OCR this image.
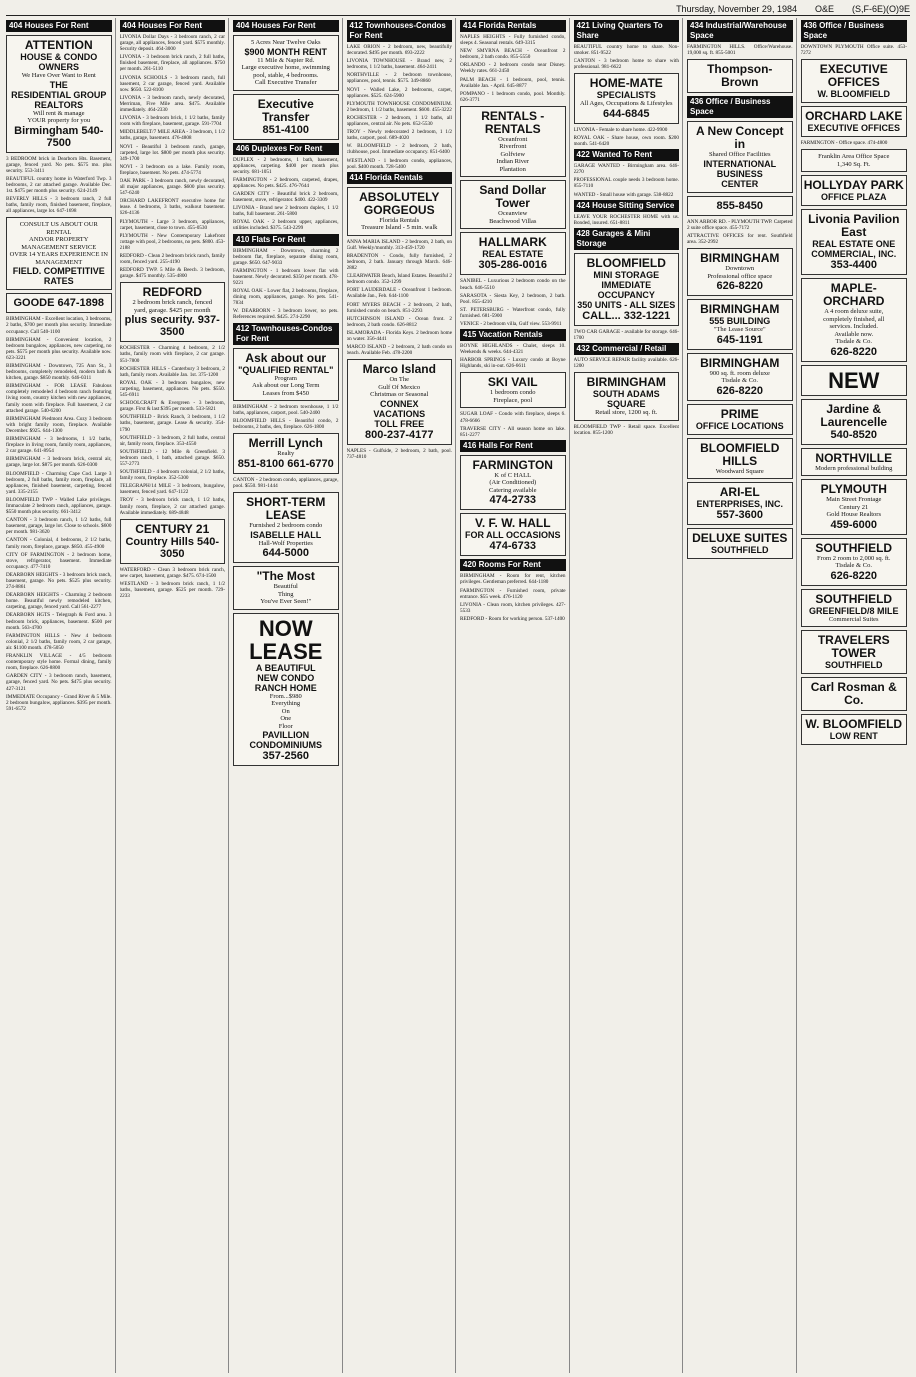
Thursday, November 29, 1984 O&E (S,F-6E)(O)9E
404 Houses For Rent
ATTENTION
HOUSE & CONDO OWNERS
We Have Over Want to Rent
THE
RESIDENTIAL GROUP
REALTORS
Will rent & manage
YOUR property for you
Birmingham 540-7500
3 BEDROOM brick in Dearborn Hts. Basement, garage, fenced yard. No pets. $575 mo. plus security. 553-3411
BEAUTIFUL country home in Waterford Twp. 3 bedrooms, 2 car attached garage. Available Dec. 1st. $475 per month plus security. 624-2149
BEVERLY HILLS - 3 bedroom ranch, 2 full baths, family room, finished basement, fireplace, all appliances, large lot. 647-1698
CONSULT US ABOUT OUR RENTAL
AND/OR PROPERTY MANAGEMENT SERVICE
OVER 14 YEARS EXPERIENCE IN MANAGEMENT
FIELD. COMPETITIVE RATES
GOODE 647-1898
BIRMINGHAM - Excellent location, 3 bedrooms, 2 baths, $700 per month plus security. Immediate occupancy. Call 540-1100
BIRMINGHAM - Convenient location, 2 bedroom bungalow, appliances, new carpeting, no pets. $575 per month plus security. Available now. 623-3221
BIRMINGHAM - Downtown, 725 Ann St., 3 bedrooms, completely remodeled, modern bath & kitchen, garage. $850 monthly. 646-0311
BIRMINGHAM - FOR LEASE Fabulous completely remodeled 4 bedroom ranch featuring living room, country kitchen with new appliances, family room with fireplace. Full basement, 2 car attached garage. 540-6200
BIRMINGHAM Piedmont Area. Cozy 3 bedroom with bright family room, fireplace. Available December. $925. 644-1300
BIRMINGHAM - 3 bedrooms, 1 1/2 baths, fireplace in living room, family room, appliances, 2 car garage. 641-8954
BIRMINGHAM - 3 bedroom brick, central air, garage, large lot. $875 per month. 626-0300
BLOOMFIELD - Charming Cape Cod. Large 3 bedroom, 2 full baths, family room, fireplace, all appliances, finished basement, carpeting, fenced yard. 335-2155
BLOOMFIELD TWP - Walled Lake privileges. Immaculate 2 bedroom ranch, appliances, garage. $550 month plus security. 661-3412
CANTON - 3 bedroom ranch, 1 1/2 baths, full basement, garage, large lot. Close to schools. $600 per month. 981-3620
CANTON - Colonial, 4 bedrooms, 2 1/2 baths, family room, fireplace, garage. $850. 455-4900
CITY OF FARMINGTON - 2 bedroom home, stove, refrigerator, basement. Immediate occupancy. 477-7410
DEARBORN HEIGHTS - 3 bedroom brick ranch, basement, garage. No pets. $525 plus security. 274-8861
DEARBORN HEIGHTS - Charming 2 bedroom home. Beautiful newly remodeled kitchen, carpeting, garage, fenced yard. Call 561-2277
DEARBORN HGTS - Telegraph & Ford area. 3 bedroom brick, appliances, basement. $500 per month. 563-4700
FARMINGTON HILLS - New 4 bedroom colonial, 2 1/2 baths, family room, 2 car garage, air. $1100 month. 478-5050
FRANKLIN VILLAGE - 4/5 bedroom contemporary style home. Formal dining, family room, fireplace. 626-8800
GARDEN CITY - 3 bedroom ranch, basement, garage, fenced yard. No pets. $475 plus security. 427-3121
IMMEDIATE Occupancy - Grand River & 5 Mile. 2 bedroom bungalow, appliances. $395 per month. 591-6572
404 Houses For Rent
LIVONIA Dollar Days - 3 bedroom ranch, 2 car garage, all appliances, fenced yard. $575 monthly. Security deposit. 464-3000
LIVONIA - 3 bedroom brick ranch, 2 full baths, finished basement, fireplace, all appliances. $750 per month. 261-5110
LIVONIA SCHOOLS - 3 bedroom ranch, full basement, 2 car garage, fenced yard. Available now. $650. 522-8100
LIVONIA - 3 bedroom ranch, newly decorated, Merriman, Five Mile area. $475. Available immediately. 464-2330
LIVONIA - 3 bedroom brick, 1 1/2 baths, family room with fireplace, basement, garage. 591-7704
MIDDLEBELT/7 MILE AREA - 3 bedroom, 1 1/2 baths, garage, basement. 476-4808
NOVI - Beautiful 3 bedroom ranch, garage, carpeted, large lot. $800 per month plus security. 349-1700
NOVI - 3 bedroom on a lake. Family room, fireplace, basement. No pets. 474-5774
OAK PARK - 3 bedroom ranch, newly decorated, all major appliances, garage. $600 plus security. 547-6240
ORCHARD LAKEFRONT executive home for lease. 4 bedrooms, 3 baths, walkout basement. 626-4136
PLYMOUTH - Large 3 bedroom, appliances, carpet, basement, close to town. 455-0530
PLYMOUTH - New Contemporary Lakefront cottage with pool, 2 bedrooms, no pets. $800. 453-2188
REDFORD - Clean 2 bedroom brick ranch, family room, fenced yard. 255-4190
REDFORD TWP. 5 Mile & Beech. 3 bedroom, garage. $475 monthly. 535-4800
REDFORD
2 bedroom brick ranch, fenced
yard, garage. $425 per month
plus security. 937-3500
ROCHESTER - Charming 4 bedroom, 2 1/2 baths, family room with fireplace, 2 car garage. 651-7800
ROCHESTER HILLS - Canterbury 3 bedroom, 2 bath, family room. Available Jan. 1st. 375-1200
ROYAL OAK - 3 bedroom bungalow, new carpeting, basement, appliances. No pets. $550. 545-6911
SCHOOLCRAFT & Evergreen - 3 bedroom, garage. First & last $395 per month. 533-5821
SOUTHFIELD - Brick Ranch, 3 bedroom, 1 1/2 baths, basement, garage. Lease & security. 354-1790
SOUTHFIELD - 3 bedroom, 2 full baths, central air, family room, fireplace. 353-4550
SOUTHFIELD - 12 Mile & Greenfield. 3 bedroom ranch, 1 bath, attached garage. $650. 557-2773
SOUTHFIELD - 4 bedroom colonial, 2 1/2 baths, family room, fireplace. 352-5300
TELEGRAPH/14 MILE - 3 bedroom, bungalow, basement, fenced yard. 647-1122
TROY - 3 bedroom brick ranch, 1 1/2 baths, family room, fireplace, 2 car attached garage. Available immediately. 689-4848
CENTURY 21
Country Hills 540-3050
WATERFORD - Clean 3 bedroom brick ranch, new carpet, basement, garage. $475. 674-1500
WESTLAND - 3 bedroom brick ranch, 1 1/2 baths, basement, garage. $525 per month. 729-2233
404 Houses For Rent
5 Acres Near Twelve Oaks
$900 MONTH RENT
11 Mile & Napier Rd.
Large executive home, swimming
pool, stable, 4 bedrooms.
Call Executive Transfer
Executive Transfer
851-4100
406 Duplexes For Rent
DUPLEX - 2 bedrooms, 1 bath, basement, appliances, carpeting. $400 per month plus security. 681-1051
FARMINGTON - 2 bedroom, carpeted, drapes, appliances. No pets. $425. 476-7644
GARDEN CITY - Beautiful brick 2 bedroom, basement, stove, refrigerator. $400. 422-3309
LIVONIA - Brand new 2 bedroom duplex, 1 1/2 baths, full basement. 261-5800
ROYAL OAK - 2 bedroom upper, appliances, utilities included. $375. 543-2299
410 Flats For Rent
BIRMINGHAM - Downtown, charming 2 bedroom flat, fireplace, separate dining room, garage. $650. 647-9033
FARMINGTON - 1 bedroom lower flat with basement. Newly decorated. $350 per month. 478-9221
ROYAL OAK - Lower flat, 2 bedrooms, fireplace, dining room, appliances, garage. No pets. 541-7834
W. DEARBORN - 3 bedroom lower, no pets. References required. $425. 274-2290
412 Townhouses-Condos For Rent
Ask about our
"QUALIFIED RENTAL"
Program
Ask about our Long Term
Leases from $450
BIRMINGHAM - 2 bedroom townhouse, 1 1/2 baths, appliances, carport, pool. 540-2400
BLOOMFIELD HILLS - Beautiful condo, 2 bedrooms, 2 baths, den, fireplace. 626-1800
Merrill Lynch
Realty
851-8100 661-6770
CANTON - 2 bedroom condo, appliances, garage, pool. $550. 981-1444
SHORT-TERM LEASE
Furnished 2 bedroom condo
ISABELLE HALL
Hall-Wolf Properties
644-5000
"The Most
Beautiful
Thing
You've Ever Seen!"
NOW
LEASE
A BEAUTIFUL
NEW CONDO
RANCH HOME
From...$980
Everything
On
One
Floor
PAVILLION
CONDOMINIUMS
357-2560
412 Townhouses-Condos For Rent
LAKE ORION - 2 bedroom, new, beautifully decorated. $495 per month. 693-2222
LIVONIA TOWNHOUSE - Brand new, 2 bedrooms, 1 1/2 baths, basement. 464-2411
NORTHVILLE - 2 bedroom townhouse, appliances, pool, tennis. $575. 349-8860
NOVI - Walled Lake, 2 bedrooms, carpet, appliances. $525. 624-5900
PLYMOUTH TOWNHOUSE CONDOMINIUM. 2 bedroom, 1 1/2 baths, basement. $600. 455-3222
ROCHESTER - 2 bedroom, 1 1/2 baths, all appliances, central air. No pets. 652-5530
TROY - Newly redecorated 2 bedroom, 1 1/2 baths, carport, pool. 689-4020
W. BLOOMFIELD - 2 bedroom, 2 bath, clubhouse, pool. Immediate occupancy. 851-6400
WESTLAND - 1 bedroom condo, appliances, pool. $400 month. 728-5400
414 Florida Rentals
ABSOLUTELY GORGEOUS
Florida Rentals
Treasure Island - 5 min. walk
ANNA MARIA ISLAND - 2 bedroom, 2 bath, on Gulf. Weekly/monthly. 313-459-1720
BRADENTON - Condo, fully furnished, 2 bedroom, 2 bath. January through March. 646-2882
CLEARWATER Beach, Island Estates. Beautiful 2 bedroom condo. 352-1299
FORT LAUDERDALE - Oceanfront 1 bedroom. Available Jan., Feb. 644-1100
FORT MYERS BEACH - 2 bedroom, 2 bath, furnished condo on beach. 851-2293
HUTCHINSON ISLAND - Ocean front. 2 bedroom, 2 bath condo. 626-8812
ISLAMORADA - Florida Keys. 2 bedroom home on water. 356-4441
MARCO ISLAND - 2 bedroom, 2 bath condo on beach. Available Feb. 478-2200
Marco Island
On The
Gulf Of Mexico
Christmas or Seasonal
CONNEX
VACATIONS
TOLL FREE
800-237-4177
NAPLES - Gulfside, 2 bedroom, 2 bath, pool. 737-4810
414 Florida Rentals
NAPLES HEIGHTS - Fully furnished condo, sleeps 4. Seasonal rentals. 649-3315
NEW SMYRNA BEACH - Oceanfront 2 bedroom, 2 bath condo. 855-5550
ORLANDO - 2 bedroom condo near Disney. Weekly rates. 661-2450
PALM BEACH - 1 bedroom, pool, tennis. Available Jan. - April. 645-8877
POMPANO - 1 bedroom condo, pool. Monthly. 626-3771
RENTALS - RENTALS
Oceanfront
Riverfront
Golfview
Indian River
Plantation
Sand Dollar Tower
Oceanview
Beachwood Villas
HALLMARK
REAL ESTATE
305-286-0016
SANIBEL - Luxurious 2 bedroom condo on the beach. 646-5510
SARASOTA - Siesta Key, 2 bedroom, 2 bath. Pool. 855-4210
ST. PETERSBURG - Waterfront condo, fully furnished. 681-5900
VENICE - 2 bedroom villa, Gulf view. 553-9911
415 Vacation Rentals
BOYNE HIGHLANDS - Chalet, sleeps 10. Weekends & weeks. 644-4321
HARBOR SPRINGS - Luxury condo at Boyne Highlands, ski in-out. 626-6611
SKI VAIL
1 bedroom condo
Fireplace, pool
SUGAR LOAF - Condo with fireplace, sleeps 6. 478-6666
TRAVERSE CITY - All season home on lake. 851-2277
416 Halls For Rent
FARMINGTON
K of C HALL
(Air Conditioned)
Catering available
474-2733
V. F. W. HALL
FOR ALL OCCASIONS
474-6733
420 Rooms For Rent
BIRMINGHAM - Room for rent, kitchen privileges. Gentleman preferred. 644-1180
FARMINGTON - Furnished room, private entrance. $55 week. 476-1120
LIVONIA - Clean room, kitchen privileges. 427-5533
REDFORD - Room for working person. 537-1400
421 Living Quarters To Share
BEAUTIFUL country home to share. Non-smoker. 851-9522
CANTON - 3 bedroom home to share with professional. 981-6622
HOME-MATE
SPECIALISTS
All Ages, Occupations & Lifestyles
644-6845
LIVONIA - Female to share home. 422-9900
ROYAL OAK - Share house, own room. $200 month. 541-6420
422 Wanted To Rent
GARAGE WANTED - Birmingham area. 646-2270
PROFESSIONAL couple needs 3 bedroom home. 855-7110
WANTED - Small house with garage. 538-8822
424 House Sitting Service
LEAVE YOUR ROCHESTER HOME with us. Bonded, insured. 651-8811
428 Garages & Mini Storage
BLOOMFIELD
MINI STORAGE
IMMEDIATE OCCUPANCY
350 UNITS - ALL SIZES
CALL... 332-1221
TWO CAR GARAGE - available for storage. 646-1700
432 Commercial / Retail
AUTO SERVICE REPAIR facility available. 626-1200
BIRMINGHAM
SOUTH ADAMS SQUARE
Retail store, 1200 sq. ft.
BLOOMFIELD TWP - Retail space. Excellent location. 855-1200
434 Industrial/Warehouse Space
FARMINGTON HILLS. Office/Warehouse. 19,000 sq. ft. 855-5001
Thompson-Brown
436 Office / Business Space
A New Concept in
Shared Office Facilities
INTERNATIONAL
BUSINESS
CENTER
855-8450
ANN ARBOR RD. - PLYMOUTH TWP. Carpeted 2 suite office space. 455-7172
ATTRACTIVE OFFICES for rent. Southfield area. 352-2992
BIRMINGHAM
Downtown
Professional office space
626-8220
BIRMINGHAM
555 BUILDING
"The Lease Source"
645-1191
BIRMINGHAM
900 sq. ft. room deluxe
Tisdale & Co.
626-8220
PRIME
OFFICE LOCATIONS
BLOOMFIELD HILLS
Woodward Square
ARI-EL
ENTERPRISES, INC.
557-3600
DELUXE SUITES
SOUTHFIELD
436 Office / Business Space
DOWNTOWN PLYMOUTH Office suite. 453-7272
EXECUTIVE OFFICES
W. BLOOMFIELD
ORCHARD LAKE
EXECUTIVE OFFICES
FARMINGTON - Office space. 474-4800
Franklin Area Office Space
1,340 Sq. Ft.
HOLLYDAY PARK
OFFICE PLAZA
Livonia Pavilion East
REAL ESTATE ONE
COMMERCIAL, INC.
353-4400
MAPLE-ORCHARD
A 4 room deluxe suite,
completely finished, all
services. Included.
Available now.
Tisdale & Co.
626-8220
NEW
Jardine & Laurencelle
540-8520
NORTHVILLE
Modern professional building
PLYMOUTH
Main Street Frontage
Century 21
Gold House Realtors
459-6000
SOUTHFIELD
From 2 room to 2,000 sq. ft.
Tisdale & Co.
626-8220
SOUTHFIELD
GREENFIELD/8 MILE
Commercial Suites
TRAVELERS TOWER
SOUTHFIELD
Carl Rosman & Co.
W. BLOOMFIELD
LOW RENT
